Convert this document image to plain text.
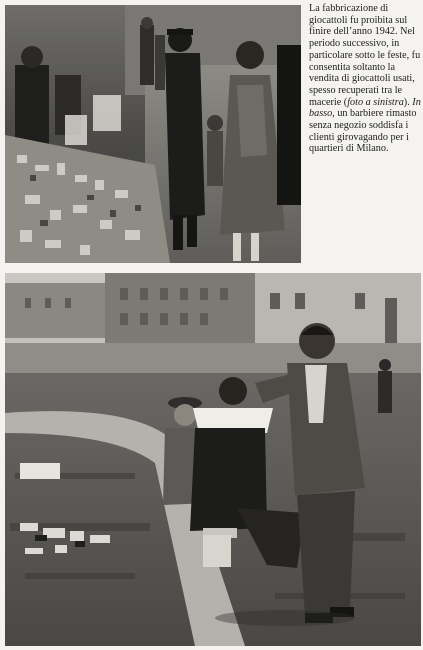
La fabbricazione di giocattoli fu proibita sul finire dell’anno 1942. Nel periodo successivo, in particolare sotto le feste, fu consentita soltanto la vendita di giocattoli usati, spesso recuperati tra le macerie (foto a sinistra). In basso, un barbiere rimasto senza negozio soddisfa i clienti girovagando per i quartieri di Milano.
